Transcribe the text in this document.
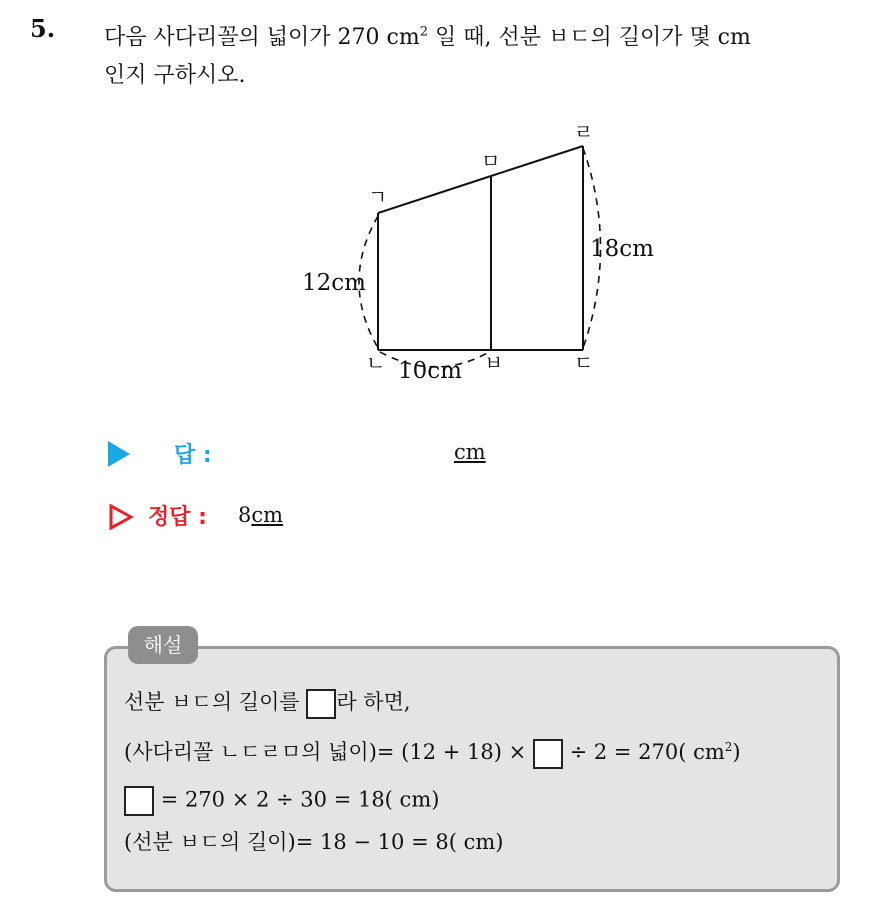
5. 다음 사다리꼴의 넓이가 270 $cm^2$ 일 때, 선분 ㅂㄷ의 길이가 몇 cm
인지 구하시오.
ㄱ
ㄴ	ㄷ
ㄹ
ㅁ
ㅂ
12cm
18cm
10cm
답 :	cm
정답 : 8cm
해설
선분 ㅂㄷ의 길이를 라 하면,
(사다리꼴 ㄴㄷㄹㅁ의 넓이)= (12 + 18) × ÷ 2 = 270( $cm^2$)
= 270 × 2 ÷ 30 = 18( cm)
(선분 ㅂㄷ의 길이)= 18 − 10 = 8( cm)
